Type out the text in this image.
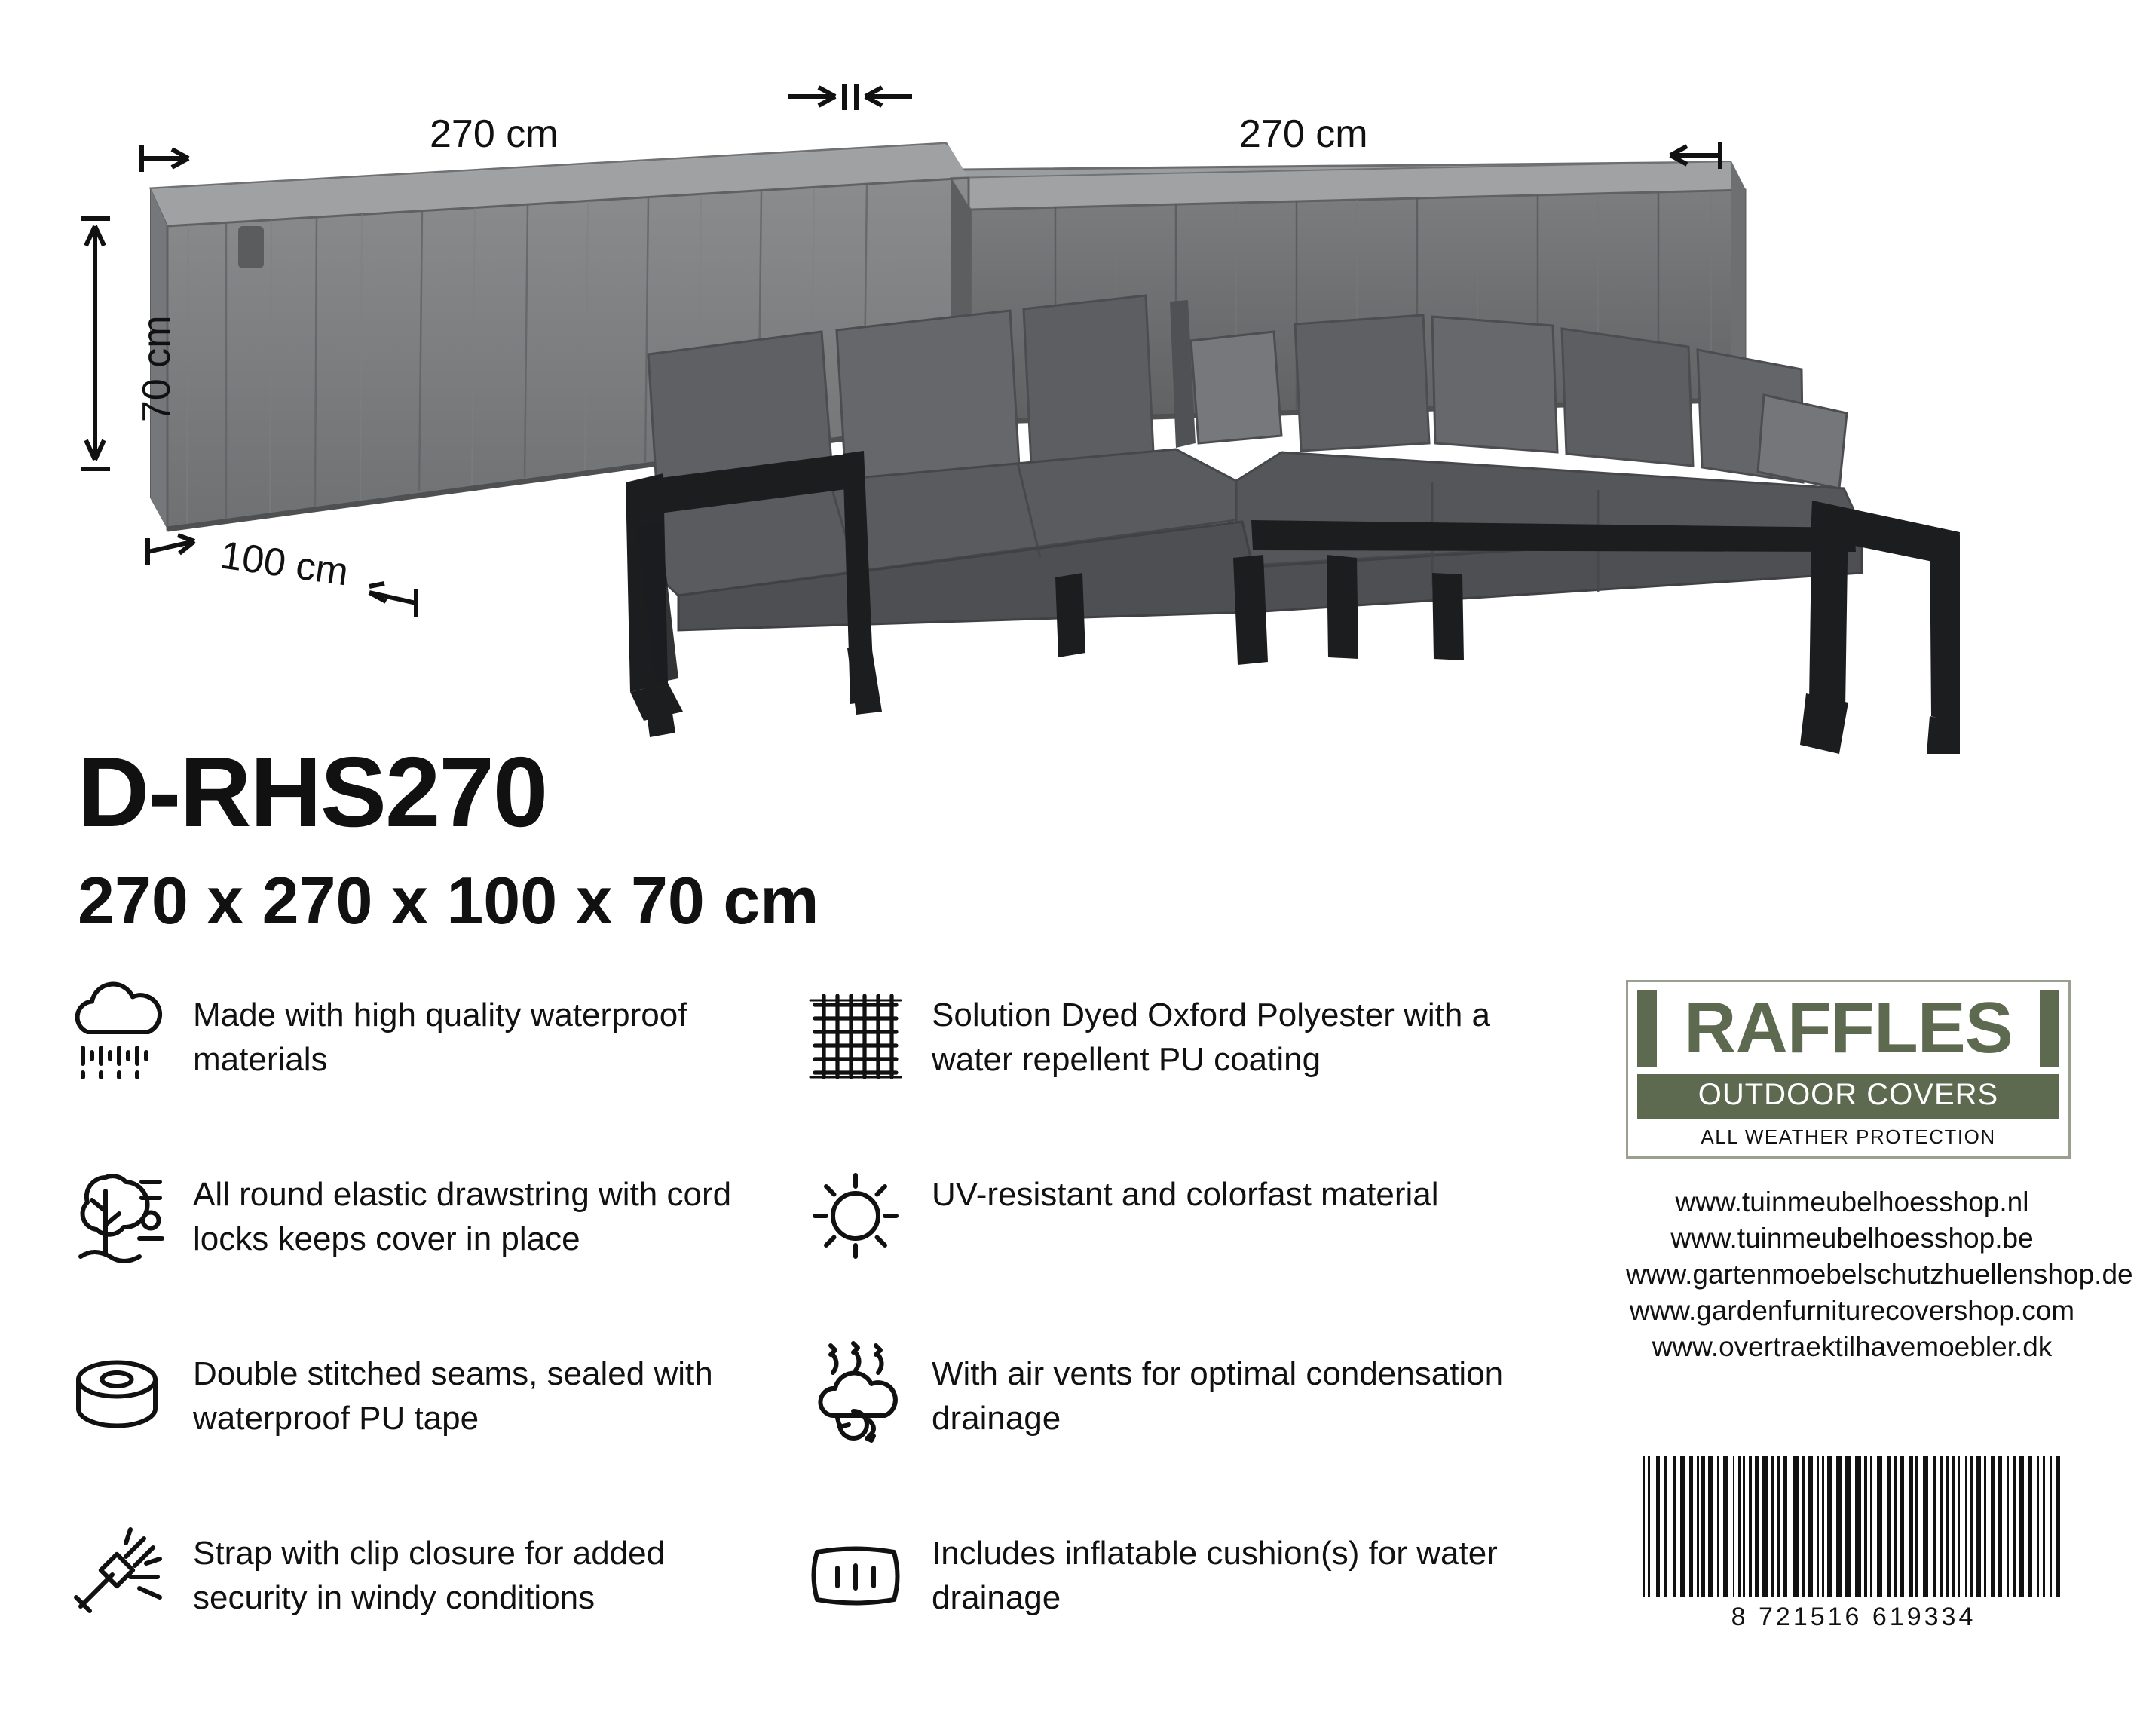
270 cm	270 cm
70 cm
100 cm
D-RHS270
270 x 270 x 100 x 70 cm
Made with high quality waterproof materials
All round elastic drawstring with cord locks keeps cover in place
Double stitched seams, sealed with waterproof PU tape
Strap with clip closure for added security in windy conditions
Solution Dyed Oxford Polyester with a water repellent PU coating
UV-resistant and colorfast material
With air vents for optimal condensation drainage
Includes inflatable cushion(s) for water drainage
RAFFLES
OUTDOOR COVERS
ALL WEATHER PROTECTION
www.tuinmeubelhoesshop.nl
www.tuinmeubelhoesshop.be
www.gartenmoebelschutzhuellenshop.de
www.gardenfurniturecovershop.com
www.overtraektilhavemoebler.dk
8 721516 619334
